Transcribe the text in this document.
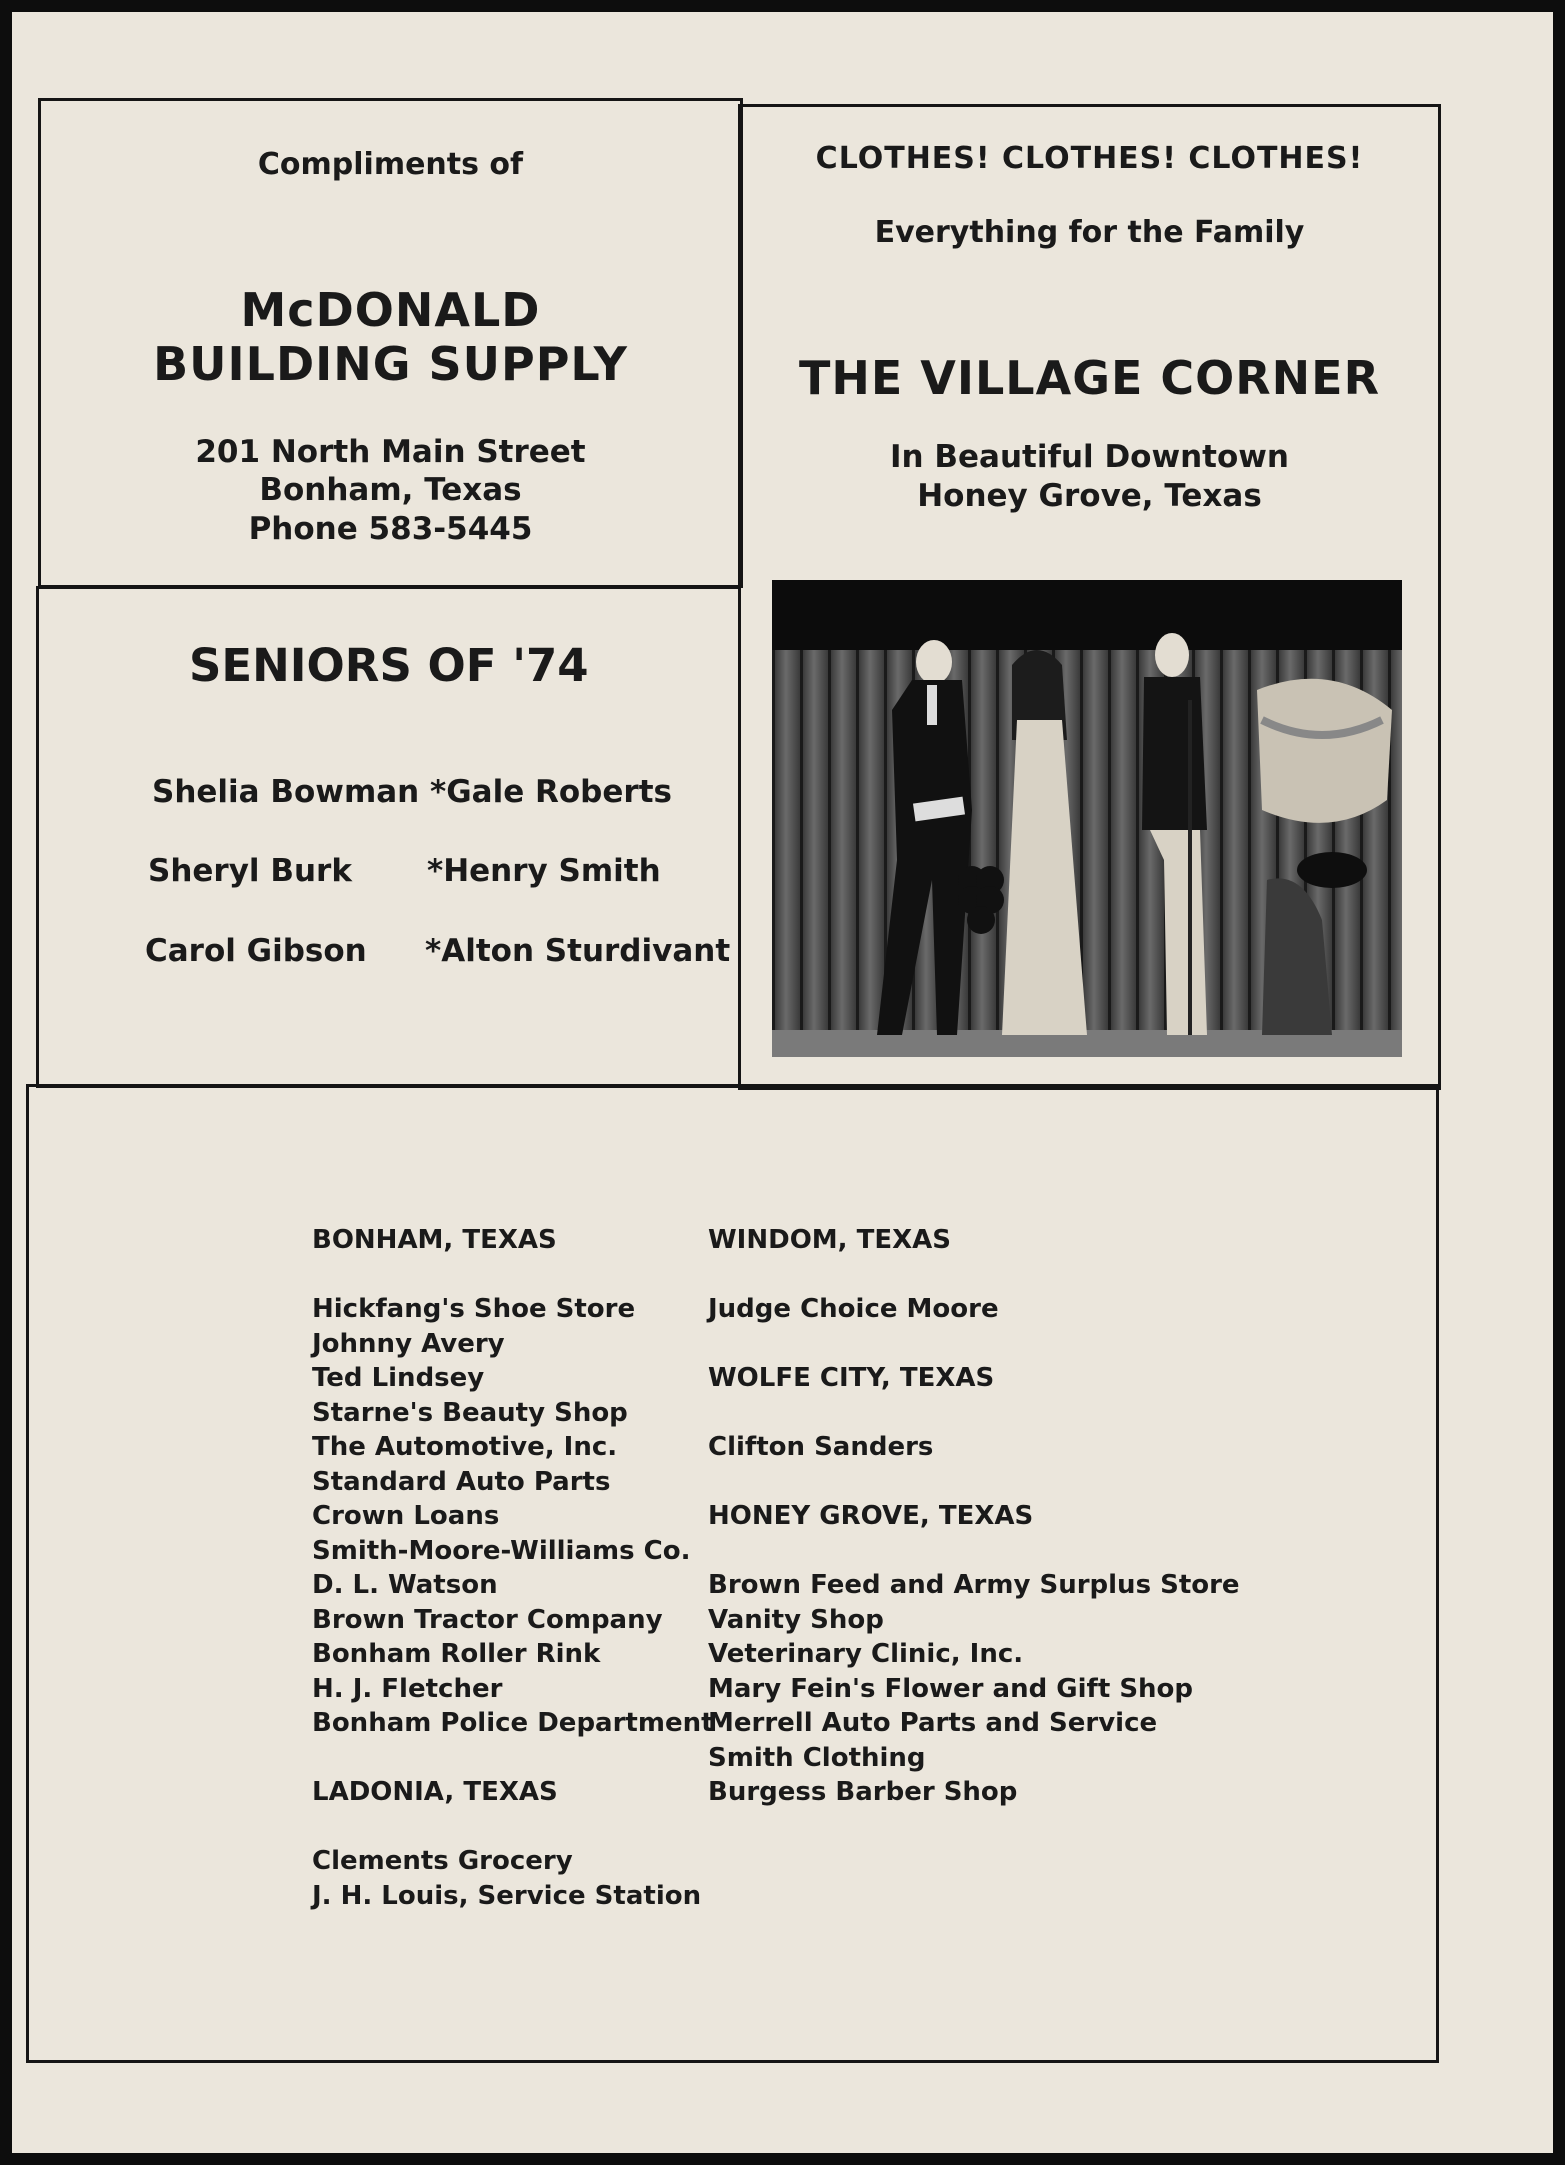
Compliments of
McDONALD
BUILDING SUPPLY
201 North Main Street
Bonham, Texas
Phone 583-5445
SENIORS OF '74
Shelia Bowman *Gale Roberts
Sheryl Burk *Henry Smith
Carol Gibson *Alton Sturdivant
CLOTHES! CLOTHES! CLOTHES!
Everything for the Family
THE VILLAGE CORNER
In Beautiful Downtown
Honey Grove, Texas
BONHAM, TEXAS
Hickfang's Shoe Store
Johnny Avery
Ted Lindsey
Starne's Beauty Shop
The Automotive, Inc.
Standard Auto Parts
Crown Loans
Smith-Moore-Williams Co.
D. L. Watson
Brown Tractor Company
Bonham Roller Rink
H. J. Fletcher
Bonham Police Department
LADONIA, TEXAS
Clements Grocery
J. H. Louis, Service Station
WINDOM, TEXAS
Judge Choice Moore
WOLFE CITY, TEXAS
Clifton Sanders
HONEY GROVE, TEXAS
Brown Feed and Army Surplus Store
Vanity Shop
Veterinary Clinic, Inc.
Mary Fein's Flower and Gift Shop
Merrell Auto Parts and Service
Smith Clothing
Burgess Barber Shop
